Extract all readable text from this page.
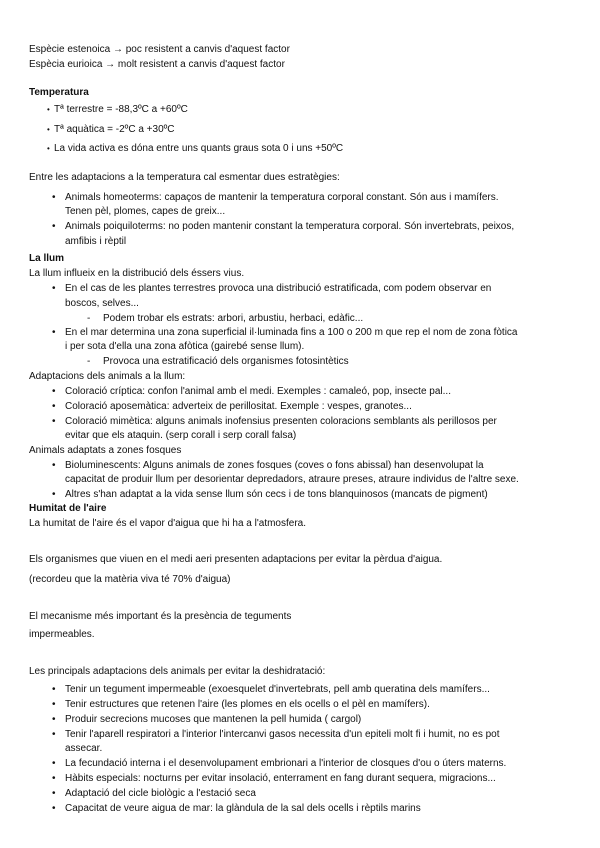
Espècie estenoica → poc resistent a canvis d'aquest factor
Espècia eurioica → molt resistent a canvis d'aquest factor
Temperatura
• Tª terrestre = -88,3ºC a +60ºC
• Tª aquàtica = -2ºC a +30ºC
• La vida activa es dóna entre uns quants graus sota 0 i uns +50ºC
Entre les adaptacions a la temperatura cal esmentar dues estratègies:
• Animals homeoterms: capaços de mantenir la temperatura corporal constant. Són aus i mamífers.
Tenen pèl, plomes, capes de greix...
• Animals poiquiloterms: no poden mantenir constant la temperatura corporal. Són invertebrats, peixos,
amfibis i rèptil
La llum
La llum influeix en la distribució dels éssers vius.
• En el cas de les plantes terrestres provoca una distribució estratificada, com podem observar en
boscos, selves...
- Podem trobar els estrats: arbori, arbustiu, herbaci, edàfic...
• En el mar determina una zona superficial il·luminada fins a 100 o 200 m que rep el nom de zona fòtica
i per sota d'ella una zona afòtica (gairebé sense llum).
- Provoca una estratificació dels organismes fotosintètics
Adaptacions dels animals a la llum:
• Coloració críptica: confon l'animal amb el medi. Exemples : camaleó, pop, insecte pal...
• Coloració aposemàtica: adverteix de perillositat. Exemple : vespes, granotes...
• Coloració mimètica: alguns animals inofensius presenten coloracions semblants als perillosos per
evitar que els ataquin. (serp corall i serp corall falsa)
Animals adaptats a zones fosques
• Bioluminescents: Alguns animals de zones fosques (coves o fons abissal) han desenvolupat la
capacitat de produir llum per desorientar depredadors, atraure preses, atraure individus de l'altre sexe.
• Altres s'han adaptat a la vida sense llum són cecs i de tons blanquinosos (mancats de pigment)
Humitat de l'aire
La humitat de l'aire és el vapor d'aigua que hi ha a l'atmosfera.
Els organismes que viuen en el medi aeri presenten adaptacions per evitar la pèrdua d'aigua.
(recordeu que la matèria viva té 70% d'aigua)
El mecanisme més important és la presència de teguments
impermeables.
Les principals adaptacions dels animals per evitar la deshidratació:
• Tenir un tegument impermeable (exoesquelet d'invertebrats, pell amb queratina dels mamífers...
• Tenir estructures que retenen l'aire (les plomes en els ocells o el pèl en mamífers).
• Produir secrecions mucoses que mantenen la pell humida ( cargol)
• Tenir l'aparell respiratori a l'interior l'intercanvi gasos necessita d'un epiteli molt fi i humit, no es pot
assecar.
• La fecundació interna i el desenvolupament embrionari a l'interior de closques d'ou o úters materns.
• Hàbits especials: nocturns per evitar insolació, enterrament en fang durant sequera, migracions...
• Adaptació del cicle biològic a l'estació seca
• Capacitat de veure aigua de mar: la glàndula de la sal dels ocells i rèptils marins
